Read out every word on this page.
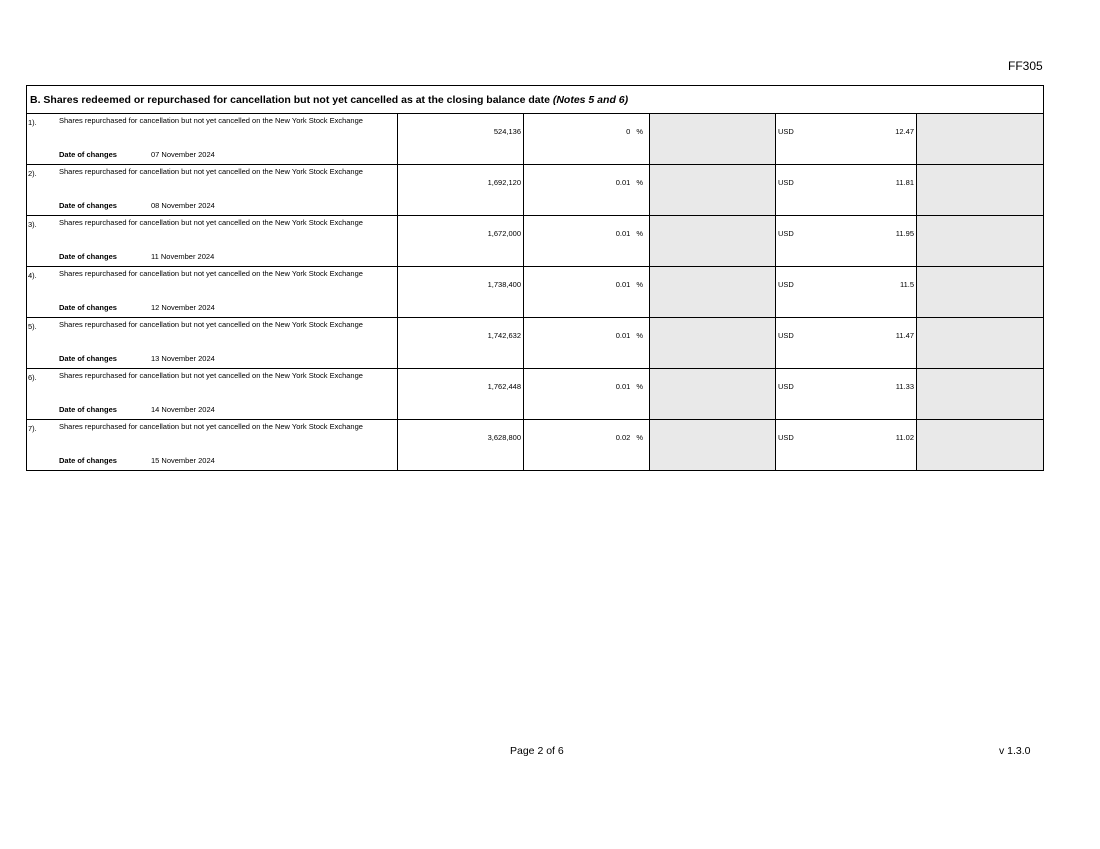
FF305
B. Shares redeemed or repurchased for cancellation but not yet cancelled as at the closing balance date (Notes 5 and 6)
1).	Shares repurchased for cancellation but not yet cancelled on the New York Stock Exchange
Date of changes	07 November 2024
524,136	0 %	USD	12.47
2).	Shares repurchased for cancellation but not yet cancelled on the New York Stock Exchange
Date of changes	08 November 2024
1,692,120	0.01 %	USD	11.81
3).	Shares repurchased for cancellation but not yet cancelled on the New York Stock Exchange
Date of changes	11 November 2024
1,672,000	0.01 %	USD	11.95
4).	Shares repurchased for cancellation but not yet cancelled on the New York Stock Exchange
Date of changes	12 November 2024
1,738,400	0.01 %	USD	11.5
5).	Shares repurchased for cancellation but not yet cancelled on the New York Stock Exchange
Date of changes	13 November 2024
1,742,632	0.01 %	USD	11.47
6).	Shares repurchased for cancellation but not yet cancelled on the New York Stock Exchange
Date of changes	14 November 2024
1,762,448	0.01 %	USD	11.33
7).	Shares repurchased for cancellation but not yet cancelled on the New York Stock Exchange
Date of changes	15 November 2024
3,628,800	0.02 %	USD	11.02
Page 2 of 6	v 1.3.0
